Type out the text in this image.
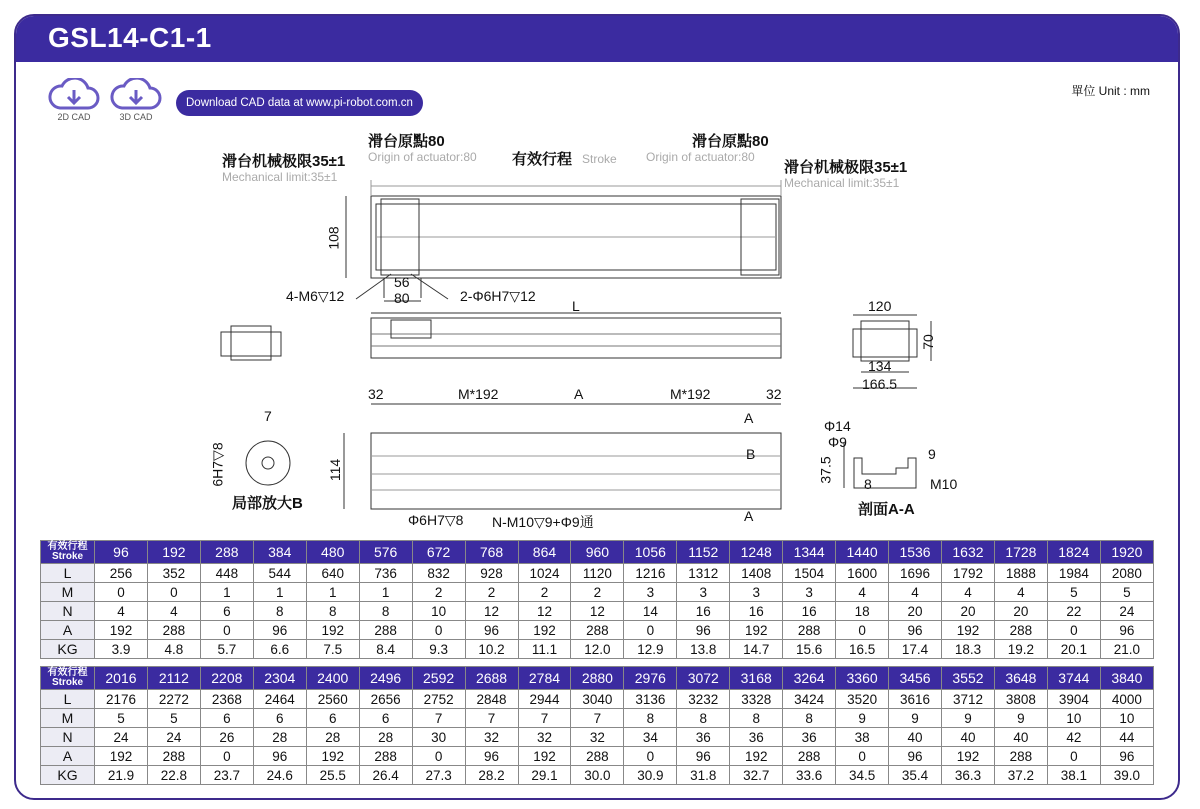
GSL14-C1-1
2D CAD	3D CAD
Download CAD data at www.pi-robot.com.cn
單位 Unit : mm
滑台原點80
Origin of actuator:80 有效行程 Stroke
滑台原點80
Origin of actuator:80
滑台机械极限35±1
Mechanical limit:35±1
滑台机械极限35±1
Mechanical limit:35±1
108
56
80
4-M6▽12	2-Φ6H7▽12
L	120
70
134
166.5
32	M*192	A	M*192	32
7
6H7▽8
局部放大B
114
A
B
A
Φ6H7▽8 N-M10▽9+Φ9通
Φ14
Φ9
37.5
9
8	M10
剖面A-A
有效行程
Stroke	96	192	288	384	480	576	672	768	864	960	1056	1152	1248	1344	1440	1536	1632	1728	1824	1920
L	256	352	448	544	640	736	832	928	1024	1120	1216	1312	1408	1504	1600	1696	1792	1888	1984	2080
M	0	0	1	1	1	1	2	2	2	2	3	3	3	3	4	4	4	4	5	5
N	4	4	6	8	8	8	10	12	12	12	14	16	16	16	18	20	20	20	22	24
A	192	288	0	96	192	288	0	96	192	288	0	96	192	288	0	96	192	288	0	96
KG	3.9	4.8	5.7	6.6	7.5	8.4	9.3	10.2	11.1	12.0	12.9	13.8	14.7	15.6	16.5	17.4	18.3	19.2	20.1	21.0
有效行程
Stroke	2016	2112	2208	2304	2400	2496	2592	2688	2784	2880	2976	3072	3168	3264	3360	3456	3552	3648	3744	3840
L	2176	2272	2368	2464	2560	2656	2752	2848	2944	3040	3136	3232	3328	3424	3520	3616	3712	3808	3904	4000
M	5	5	6	6	6	6	7	7	7	7	8	8	8	8	9	9	9	9	10	10
N	24	24	26	28	28	28	30	32	32	32	34	36	36	36	38	40	40	40	42	44
A	192	288	0	96	192	288	0	96	192	288	0	96	192	288	0	96	192	288	0	96
KG	21.9	22.8	23.7	24.6	25.5	26.4	27.3	28.2	29.1	30.0	30.9	31.8	32.7	33.6	34.5	35.4	36.3	37.2	38.1	39.0
